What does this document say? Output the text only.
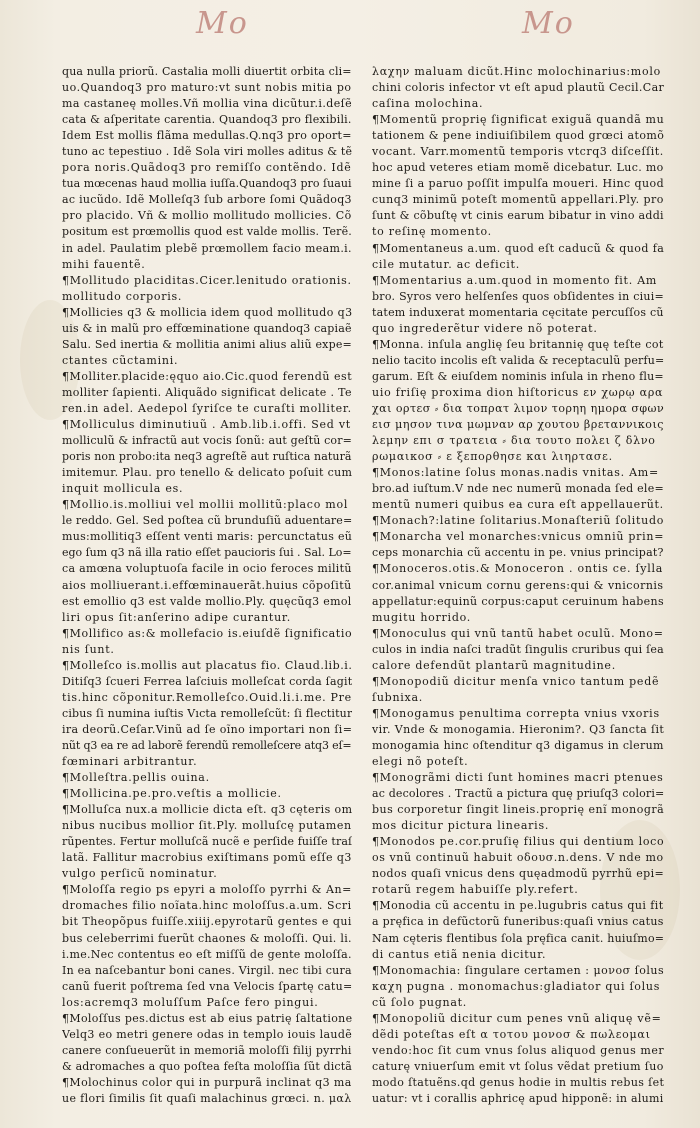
Mo	Mo
qua nulla priorũ. Castalia molli diuertit orbita cli=
uo.Quandoq3 pro maturo:vt sunt nobis mitia po
ma castaneę molles.Vñ mollia vina dicũtur.i.deſẽ
cata & aſperitate carentia. Quandoq3 pro flexibili.
Idem Est mollis flãma medullas.Q.nq3 pro oport=
tuno ac tepestiuo . Idẽ Sola viri molles aditus & tẽ
pora noris.Quãdoq3 pro remiſſo contẽndo. Idẽ
tua mœcenas haud mollia iuſſa.Quandoq3 pro ſuaui
ac iucũdo. Idẽ Molleſq3 ſub arbore ſomi Quãdoq3
pro placido. Vñ & mollio mollitudo mollicies. Cõ
positum est prœmollis quod est valde mollis. Terẽ.
in adel. Paulatim plebẽ prœmollem facio meam.i.
mihi fauentẽ.
¶Mollitudo placiditas.Cicer.lenitudo orationis.
mollitudo corporis.
¶Mollicies q3 & mollicia idem quod mollitudo q3
uis & in malũ pro effœminatione quandoq3 capiaẽ
Salu. Sed inertia & mollitia animi alius aliũ expe=
ctantes cũctamini.
¶Molliter.placide:ęquo aio.Cic.quod ferendũ est
molliter ſapienti. Aliquãdo significat delicate . Te
ren.in adel. Aedepol ſyriſce te curaſti molliter.
¶Molliculus diminutiuũ . Amb.lib.i.offi. Sed vt
molliculũ & infractũ aut vocis ſonũ: aut geſtũ cor=
poris non probo:ita neq3 agreſtẽ aut ruſtica naturã
imitemur. Plau. pro tenello & delicato poſuit cum
inquit mollicula es.
¶Mollio.is.molliui vel mollii mollitũ:placo mol
le reddo. Gel. Sed poſtea cũ brunduſiũ aduentare=
mus:mollitiq3 eſſent venti maris: percunctatus eũ
ego ſum q3 nã illa ratio eſſet paucioris ſui . Sal. Lo=
ca amœna voluptuoſa facile in ocio feroces militũ
aios molliuerant.i.effœminauerãt.huius cõpoſitũ
est emollio q3 est valde mollio.Ply. quęcũq3 emol
liri opus ſit:anſerino adipe curantur.
¶Mollifico as:& mollefacio is.eiuſdẽ ſignificatio
nis ſunt.
¶Molleſco is.mollis aut placatus fio. Claud.lib.i.
Ditiſq3 ſcueri Ferrea laſciuis molleſcat corda ſagit
tis.hinc cõponitur.Remolleſco.Ouid.li.i.me. Pre
cibus ſi numina iuſtis Vıcta remolleſcũt: ſi flectitur
ira deorũ.Ceſar.Vinũ ad ſe oĩno importari non ſi=
nũt q3 ea re ad laborẽ ferendũ remolleſcere atq3 eſ=
fœminari arbitrantur.
¶Molleſtra.pellis ouina.
¶Mollicina.pe.pro.veſtis a mollicie.
¶Molluſca nux.a mollicie dicta eſt. q3 cęteris om
nibus nucibus mollior ſit.Ply. molluſcę putamen
rũpentes. Fertur molluſcã nucẽ e perſide fuiſſe traſ
latã. Fallitur macrobius exiſtimans pomũ eſſe q3
vulgo perſicũ nominatur.
¶Moloſſa regio ps epyri a moloſſo pyrrhi & An=
dromaches filio noĩata.hinc moloſſus.a.um. Scri
bit Theopõpus fuiſſe.xiiij.epyrotarũ gentes e qui
bus celeberrimi fuerũt chaones & moloſſi. Qui. li.
i.me.Nec contentus eo eſt miſſũ de gente moloſſa.
In ea naſcebantur boni canes. Virgil. nec tibi cura
canũ fuerit poſtrema ſed vna Velocis ſpartę catu=
los:acremq3 moluſſum Paſce fero pingui.
¶Moloſſus pes.dictus est ab eius patrię ſaltatione
Velq3 eo metri genere odas in templo iouis laudẽ
canere conſueuerũt in memoriã moloſſi filij pyrrhi
& adromaches a quo poſtea feſta moloſſia ſũt dictã
¶Molochinus color qui in purpurã inclinat q3 ma
ue flori ſimilis ſit quaſi malachinus grœci. n. μαλ
λαχην maluam dicũt.Hinc molochinarius:molo
chini coloris infector vt eſt apud plautũ Cecil.Car
caſina molochina.
¶Momentũ proprię ſignificat exiguã quandã mu
tationem & pene indiuiſibilem quod grœci atomõ
vocant. Varr.momentũ temporis vtcrq3 diſceſſit.
hoc apud veteres etiam momẽ dicebatur. Luc. mo
mine ſi a paruo poſſit impulſa moueri. Hinc quod
cunq3 minimũ poteſt momentũ appellari.Ply. pro
ſunt & cõbuſtę vt cinis earum bibatur in vino addi
to reſinę momento.
¶Momentaneus a.um. quod eſt caducũ & quod fa
cile mutatur. ac deficit.
¶Momentarius a.um.quod in momento fit. Am
bro. Syros vero helſenſes quos obſidentes in ciui=
tatem induxerat momentaria cęcitate percuſſos cũ
quo ingrederẽtur videre nõ poterat.
¶Monna. inſula anglię ſeu britannię quę teſte cot
nelio tacito incolis eſt valida & receptaculũ perfu=
garum. Eſt & eiuſdem nominis inſula in rheno flu=
uio friſię proxima dion hiſtoricus εν χωρῳ αρα
χαι ορτεσ ⸗ δια τοπρατ λιμον τορηη ημορα σφων
εισ μησον τινα μωμναν αρ χουτου βρεταννικοις
λεμην επι σ τρατεια ⸗ δια τουτο πολει ζ δλνο
ρωμαικοσ ⸗ ε ξεπορθησε και λιηρτασε.
¶Monos:latine ſolus monas.nadis vnitas. Am=
bro.ad iuſtum.V nde nec numerũ monada ſed ele=
mentũ numeri quibus ea cura eſt appellauerũt.
¶Monach?:latine ſolitarius.Monaſteriũ ſolitudo
¶Monarcha vel monarches:vnicus omniũ prin=
ceps monarchia cũ accentu in pe. vnius principat?
¶Monoceros.otis.& Monoceron . ontis ce. ſylla
cor.animal vnicum cornu gerens:qui & vnicornis
appellatur:equinũ corpus:caput ceruinum habens
mugitu horrido.
¶Monoculus qui vnũ tantũ habet oculũ. Mono=
culos in india naſci tradũt ſingulis cruribus qui ſea
calore defendũt plantarũ magnitudine.
¶Monopodiũ dicitur menſa vnico tantum pedẽ
ſubnixa.
¶Monogamus penultima correpta vnius vxoris
vir. Vnde & monogamia. Hieronim?. Q3 ſancta ſit
monogamia hinc oſtenditur q3 digamus in clerum
elegi nõ poteſt.
¶Monogrãmi dicti ſunt homines macri ptenues
ac decolores . Tractũ a pictura quę priuſq3 colori=
bus corporetur ſingit lineis.proprię enĩ monogrã
mos dicitur pictura linearis.
¶Monodos pe.cor.pruſię filius qui dentium loco
os vnũ continuũ habuit οδουσ.n.dens. V nde mo
nodos quaſi vnicus dens quęadmodũ pyrrhũ epi=
rotarũ regem habuiſſe ply.refert.
¶Monodia cũ accentu in pe.lugubris catus qui fit
a pręfica in defũctorũ funeribus:quaſi vnius catus
Nam cęteris flentibus ſola pręfica canit. huiuſmo=
di cantus etiã nenia dicitur.
¶Monomachia: ſingulare certamen : μονοσ ſolus
καχη pugna . monomachus:gladiator qui ſolus
cũ ſolo pugnat.
¶Monopoliũ dicitur cum penes vnũ aliquę vẽ=
dẽdi poteſtas eſt α τοτου μονοσ & πωλεομαι
vendo:hoc ſit cum vnus ſolus aliquod genus mer
caturę vniuerſum emit vt ſolus vẽdat pretium ſuo
modo ſtatuẽns.qd genus hodie in multis rebus ſet
uatur: vt i corallis aphricę apud hipponẽ: in alumi
